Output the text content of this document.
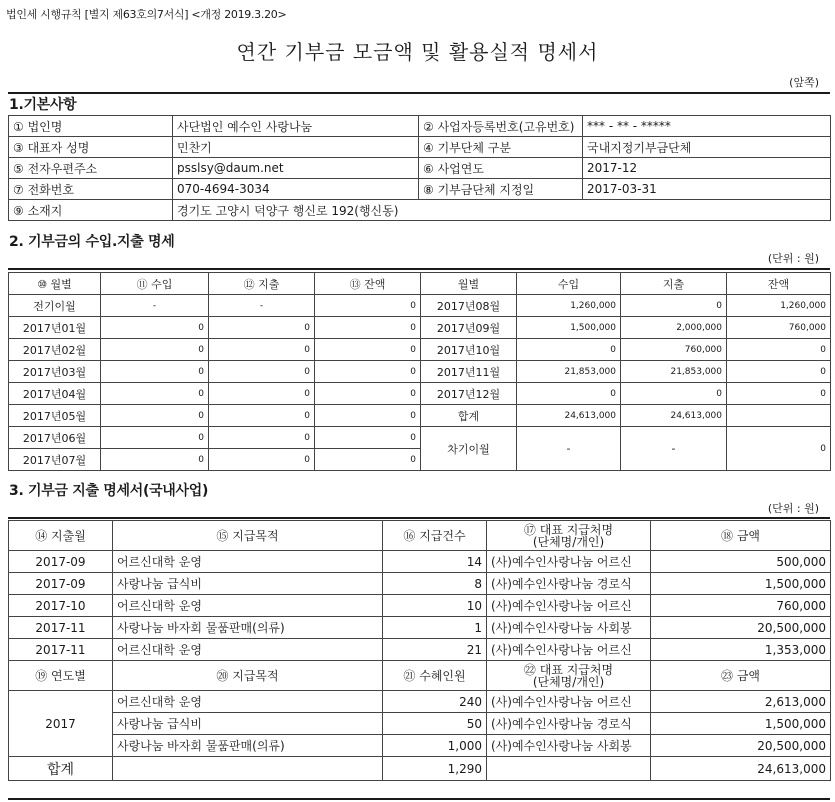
법인세 시행규칙 [별지 제63호의7서식] <개정 2019.3.20>
연간 기부금 모금액 및 활용실적 명세서
(앞쪽)
1.기본사항
① 법인명	사단법인 예수인 사랑나눔	② 사업자등록번호(고유번호)	*** - ** - *****
③ 대표자 성명	민찬기	④ 기부단체 구분	국내지정기부금단체
⑤ 전자우편주소	psslsy@daum.net	⑥ 사업연도	2017-12
⑦ 전화번호	070-4694-3034	⑧ 기부금단체 지정일	2017-03-31
⑨ 소재지	경기도 고양시 덕양구 행신로 192(행신동)		
2. 기부금의 수입.지출 명세
(단위 : 원)
⑩ 월별	⑪ 수입	⑫ 지출	⑬ 잔액	월별	수입	지출	잔액
전기이월	-	-	0	2017년08월	1,260,000	0	1,260,000
2017년01월	0	0	0	2017년09월	1,500,000	2,000,000	760,000
2017년02월	0	0	0	2017년10월	0	760,000	0
2017년03월	0	0	0	2017년11월	21,853,000	21,853,000	0
2017년04월	0	0	0	2017년12월	0	0	0
2017년05월	0	0	0	합계	24,613,000	24,613,000	
2017년06월	0	0	0	차기이월	-	-	0
2017년07월	0	0	0				
3. 기부금 지출 명세서(국내사업)
(단위 : 원)
⑭ 지출월	⑮ 지급목적	⑯ 지급건수	⑰ 대표 지급처명
(단체명/개인)	⑱ 금액
2017-09	어르신대학 운영	14	(사)예수인사랑나눔 어르신	500,000
2017-09	사랑나눔 급식비	8	(사)예수인사랑나눔 경로식	1,500,000
2017-10	어르신대학 운영	10	(사)예수인사랑나눔 어르신	760,000
2017-11	사랑나눔 바자회 물품판매(의류)	1	(사)예수인사랑나눔 사회봉	20,500,000
2017-11	어르신대학 운영	21	(사)예수인사랑나눔 어르신	1,353,000
⑲ 연도별	⑳ 지급목적	㉑ 수혜인원	㉒ 대표 지급처명
(단체명/개인)	㉓ 금액
2017	어르신대학 운영	240	(사)예수인사랑나눔 어르신	2,613,000
	사랑나눔 급식비	50	(사)예수인사랑나눔 경로식	1,500,000
	사랑나눔 바자회 물품판매(의류)	1,000	(사)예수인사랑나눔 사회봉	20,500,000
합계		1,290		24,613,000
